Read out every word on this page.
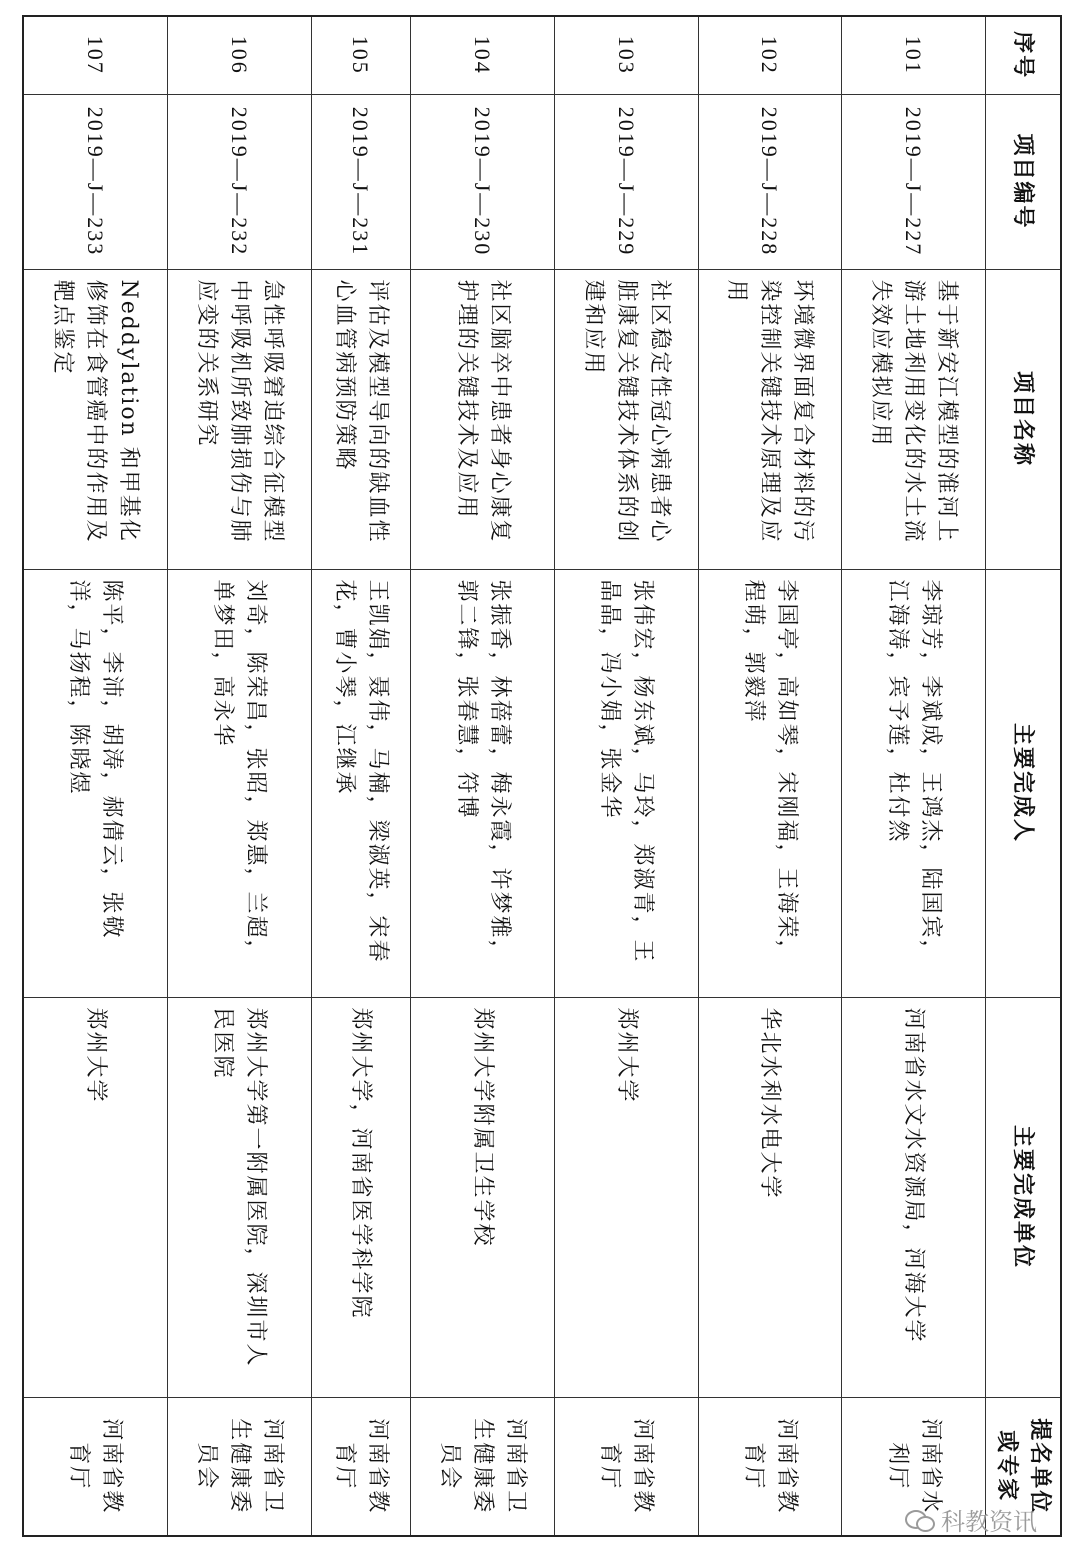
序号	项目编号	项目名称	主要完成人	主要完成单位	提名单位或专家
101	2019—J—227	基于新安江模型的淮河上游土地利用变化的水土流失效应模拟应用	李琼芳，李斌成，王鸿杰，陆国宾，江海涛，宾予莲，杜付然	河南省水文水资源局，河海大学	河南省水利厅
102	2019—J—228	环境微界面复合材料的污染控制关键技术原理及应用	李国亭，高如琴，宋刚福，王海荣，程萌，郭毅萍	华北水利水电大学	河南省教育厅
103	2019—J—229	社区稳定性冠心病患者心脏康复关键技术体系的创建和应用	张伟宏，杨东斌，马玲，郑淑青，王晶晶，冯小娟，张金华	郑州大学	河南省教育厅
104	2019—J—230	社区脑卒中患者身心康复护理的关键技术及应用	张振香，林蓓蕾，梅永霞，许梦雅，郭二锋，张春慧，符博	郑州大学附属卫生学校	河南省卫生健康委员会
105	2019—J—231	评估及模型导向的缺血性心血管病预防策略	王凯娟，聂伟，马楠，梁淑英，宋春花，曹小琴，江继承	郑州大学，河南省医学科学院	河南省教育厅
106	2019—J—232	急性呼吸窘迫综合征模型中呼吸机所致肺损伤与肺应变的关系研究	刘奇，陈荣昌，张昭，郑惠，兰超，单梦田，高永华	郑州大学第一附属医院，深圳市人民医院	河南省卫生健康委员会
107	2019—J—233	Neddylation 和甲基化修饰在食管癌中的作用及靶点鉴定	陈平，李沛，胡涛，郝倩云，张敬洋，马扬程，陈晓煜	郑州大学	河南省教育厅
科教资讯
